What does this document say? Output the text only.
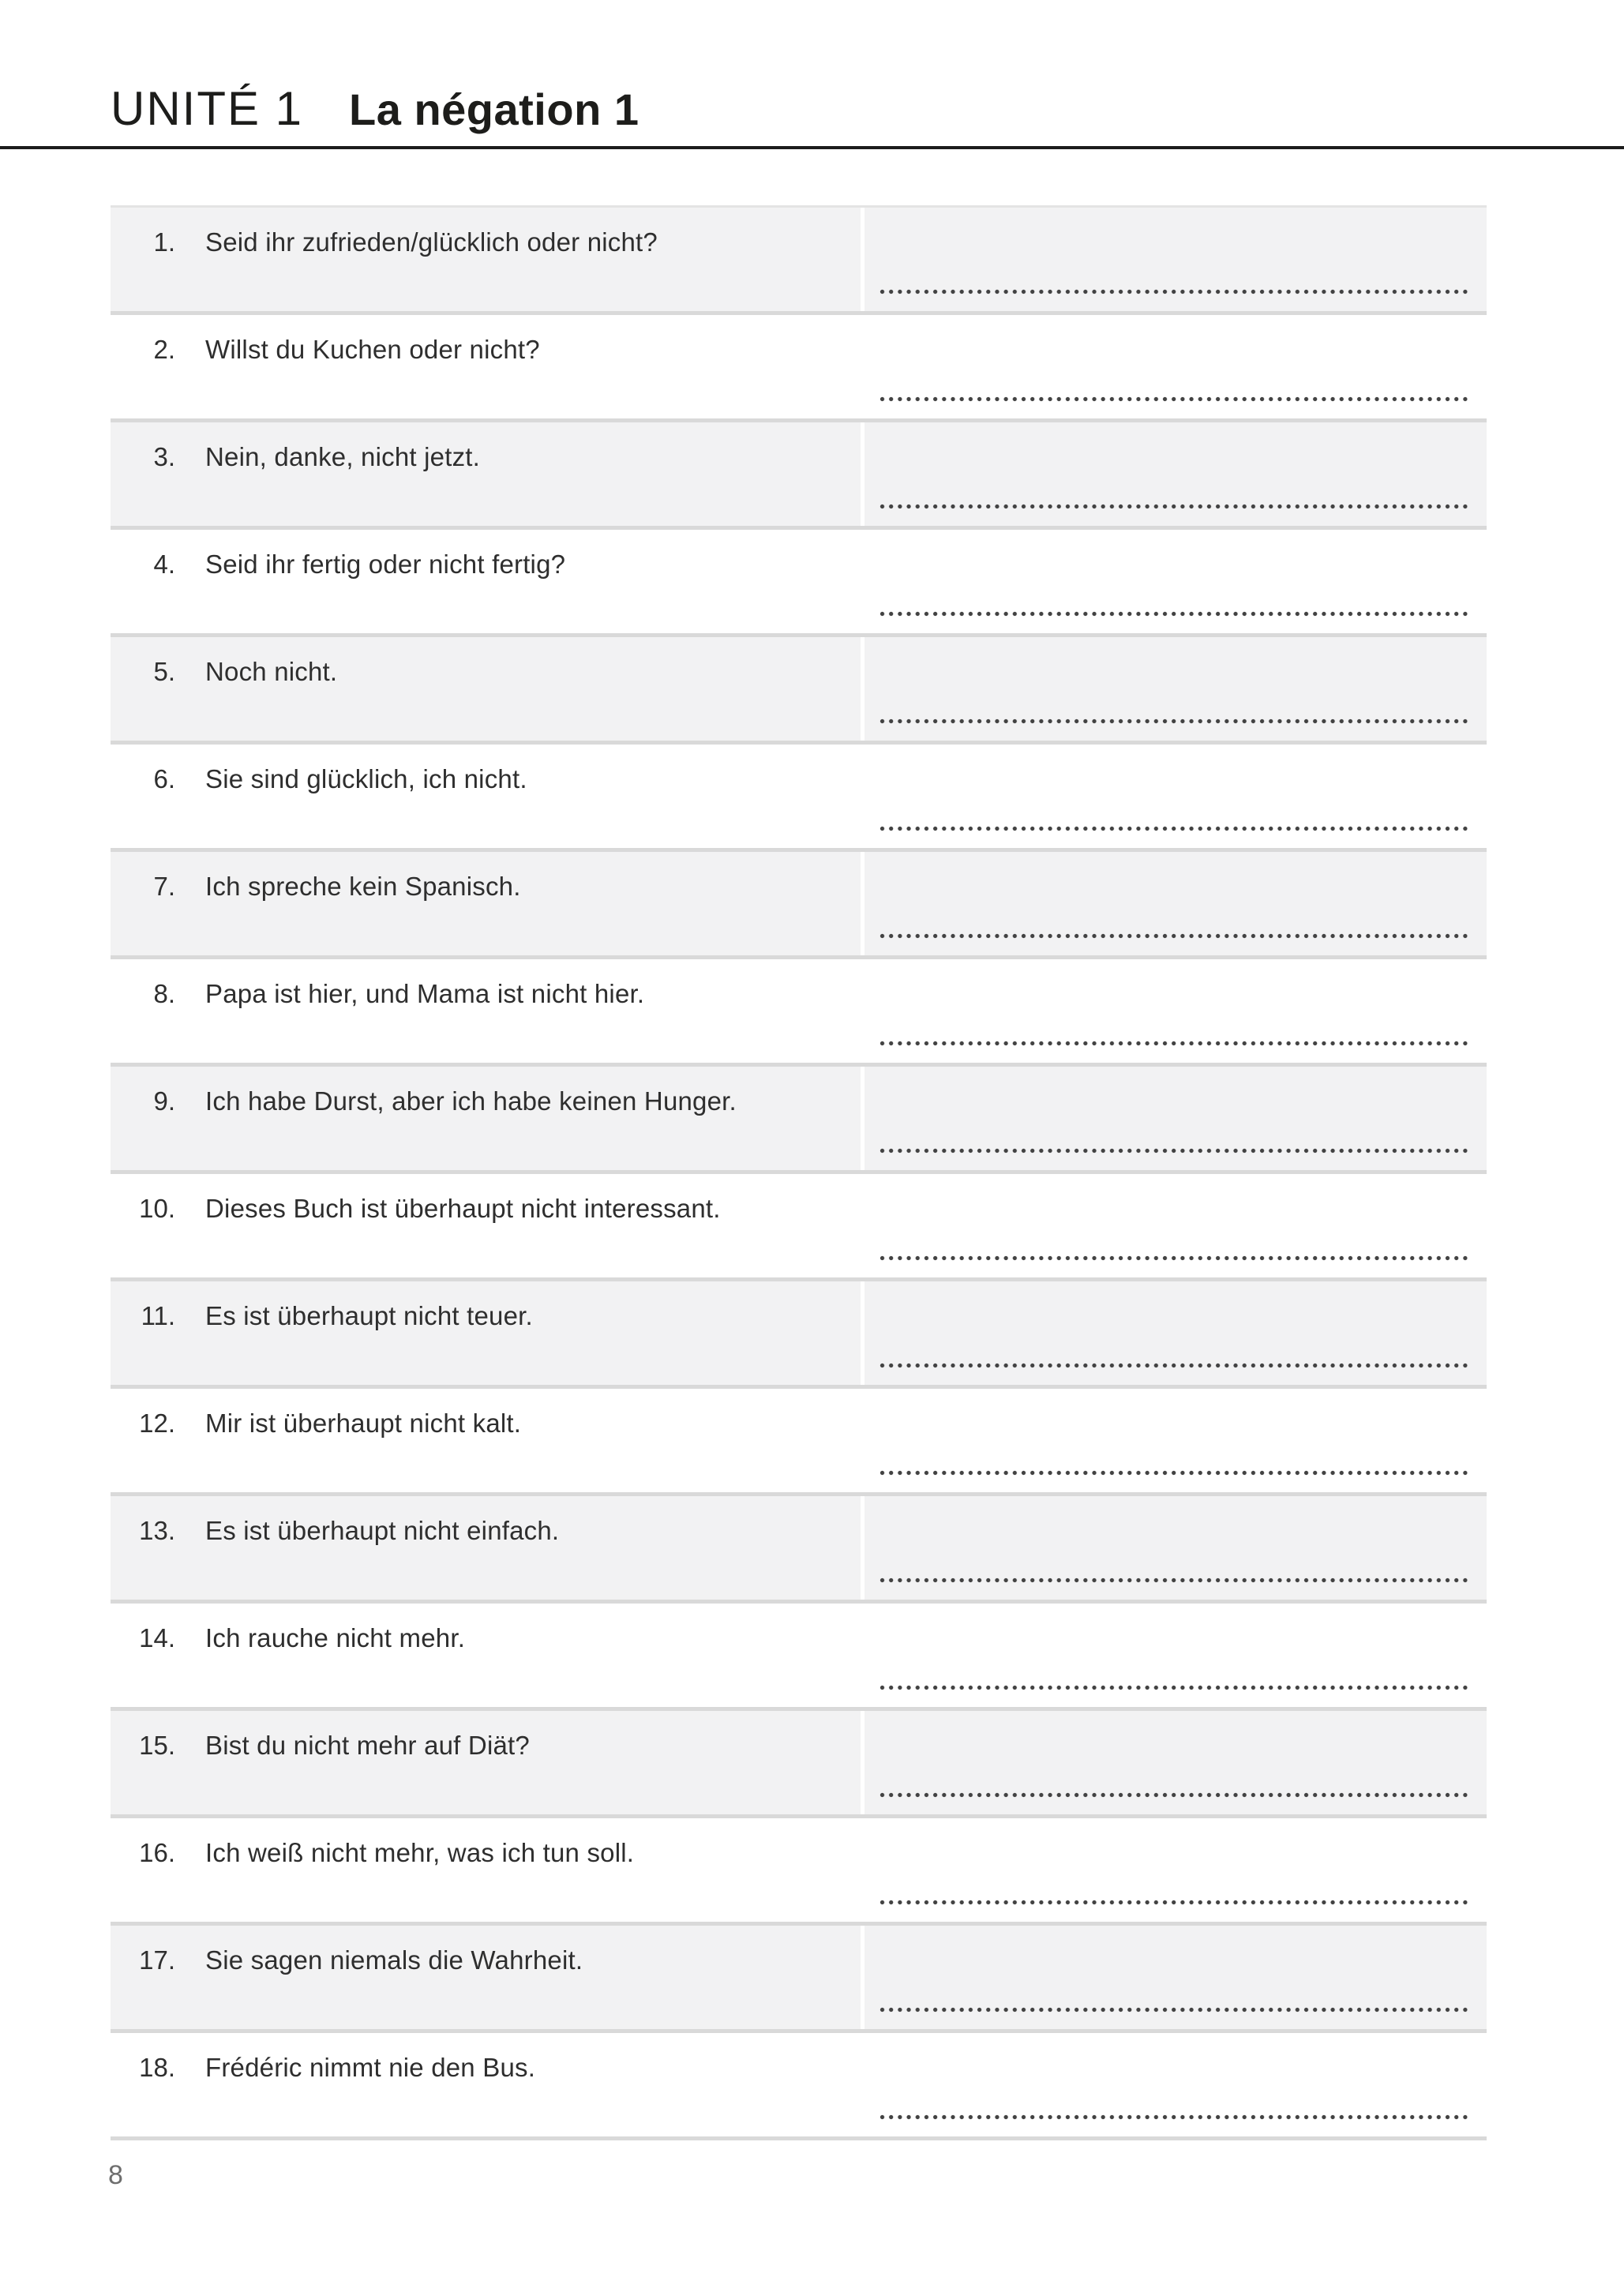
UNITÉ 1 La négation 1
1. Seid ihr zufrieden/glücklich oder nicht?
2. Willst du Kuchen oder nicht?
3. Nein, danke, nicht jetzt.
4. Seid ihr fertig oder nicht fertig?
5. Noch nicht.
6. Sie sind glücklich, ich nicht.
7. Ich spreche kein Spanisch.
8. Papa ist hier, und Mama ist nicht hier.
9. Ich habe Durst, aber ich habe keinen Hunger.
10. Dieses Buch ist überhaupt nicht interessant.
11. Es ist überhaupt nicht teuer.
12. Mir ist überhaupt nicht kalt.
13. Es ist überhaupt nicht einfach.
14. Ich rauche nicht mehr.
15. Bist du nicht mehr auf Diät?
16. Ich weiß nicht mehr, was ich tun soll.
17. Sie sagen niemals die Wahrheit.
18. Frédéric nimmt nie den Bus.
8
